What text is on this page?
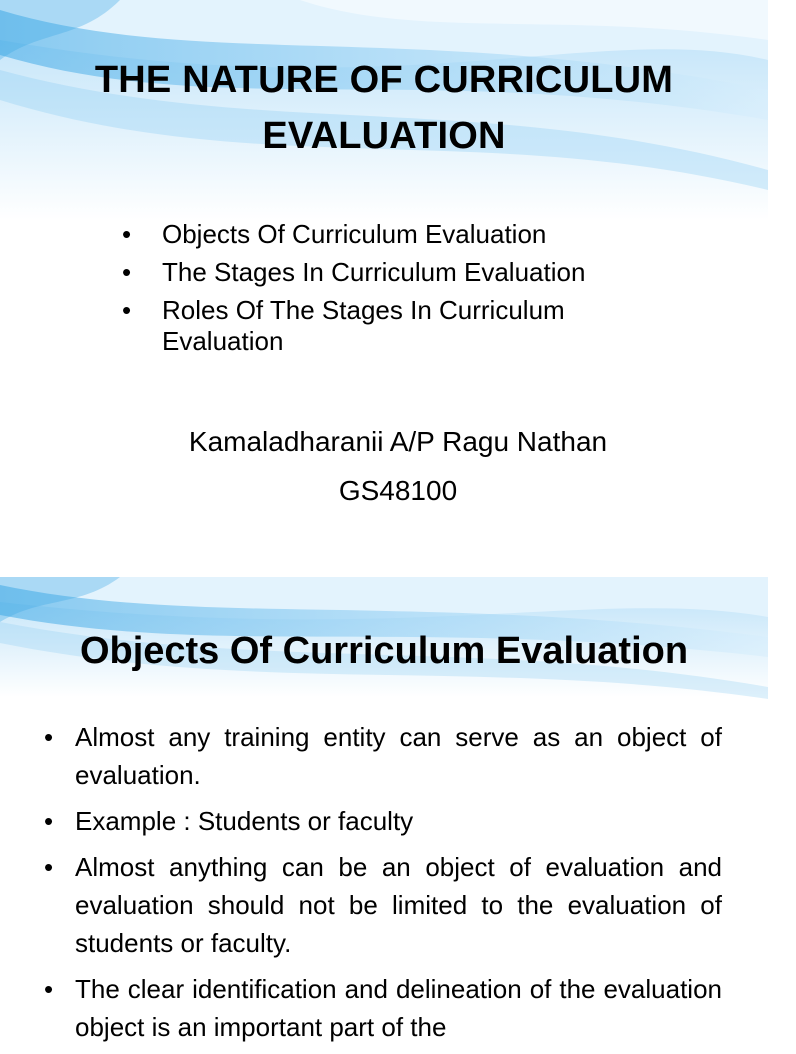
THE NATURE OF CURRICULUM EVALUATION
• Objects Of Curriculum Evaluation
• The Stages In Curriculum Evaluation
• Roles Of The Stages In Curriculum Evaluation
Kamaladharanii A/P Ragu Nathan
GS48100
Objects Of Curriculum Evaluation
• Almost any training entity can serve as an object of evaluation.
• Example : Students or faculty
• Almost anything can be an object of evaluation and evaluation should not be limited to the evaluation of students or faculty.
• The clear identification and delineation of the evaluation object is an important part of the
